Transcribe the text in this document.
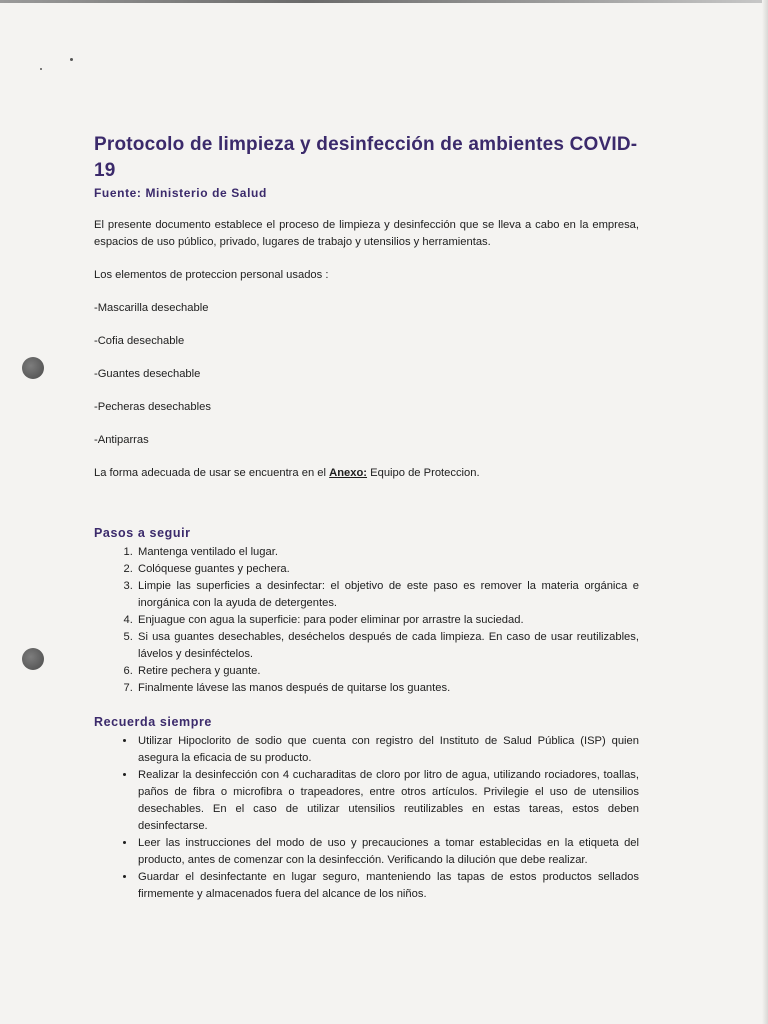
Protocolo de limpieza y desinfección de ambientes COVID-19
Fuente: Ministerio de Salud

El presente documento establece el proceso de limpieza y desinfección que se lleva a cabo en la empresa, espacios de uso público, privado, lugares de trabajo y utensilios y herramientas.

Los elementos de proteccion personal usados :

-Mascarilla desechable

-Cofia desechable

-Guantes desechable

-Pecheras desechables

-Antiparras

La forma adecuada de usar se encuentra en el Anexo: Equipo de Proteccion.

Pasos a seguir
1. Mantenga ventilado el lugar.
2. Colóquese guantes y pechera.
3. Limpie las superficies a desinfectar: el objetivo de este paso es remover la materia orgánica e inorgánica con la ayuda de detergentes.
4. Enjuague con agua la superficie: para poder eliminar por arrastre la suciedad.
5. Si usa guantes desechables, deséchelos después de cada limpieza. En caso de usar reutilizables, lávelos y desinféctelos.
6. Retire pechera y guante.
7. Finalmente lávese las manos después de quitarse los guantes.
Recuerda siempre
• Utilizar Hipoclorito de sodio que cuenta con registro del Instituto de Salud Pública (ISP) quien asegura la eficacia de su producto.
• Realizar la desinfección con 4 cucharaditas de cloro por litro de agua, utilizando rociadores, toallas, paños de fibra o microfibra o trapeadores, entre otros artículos. Privilegie el uso de utensilios desechables. En el caso de utilizar utensilios reutilizables en estas tareas, estos deben desinfectarse.
• Leer las instrucciones del modo de uso y precauciones a tomar establecidas en la etiqueta del producto, antes de comenzar con la desinfección. Verificando la dilución que debe realizar.
• Guardar el desinfectante en lugar seguro, manteniendo las tapas de estos productos sellados firmemente y almacenados fuera del alcance de los niños.
